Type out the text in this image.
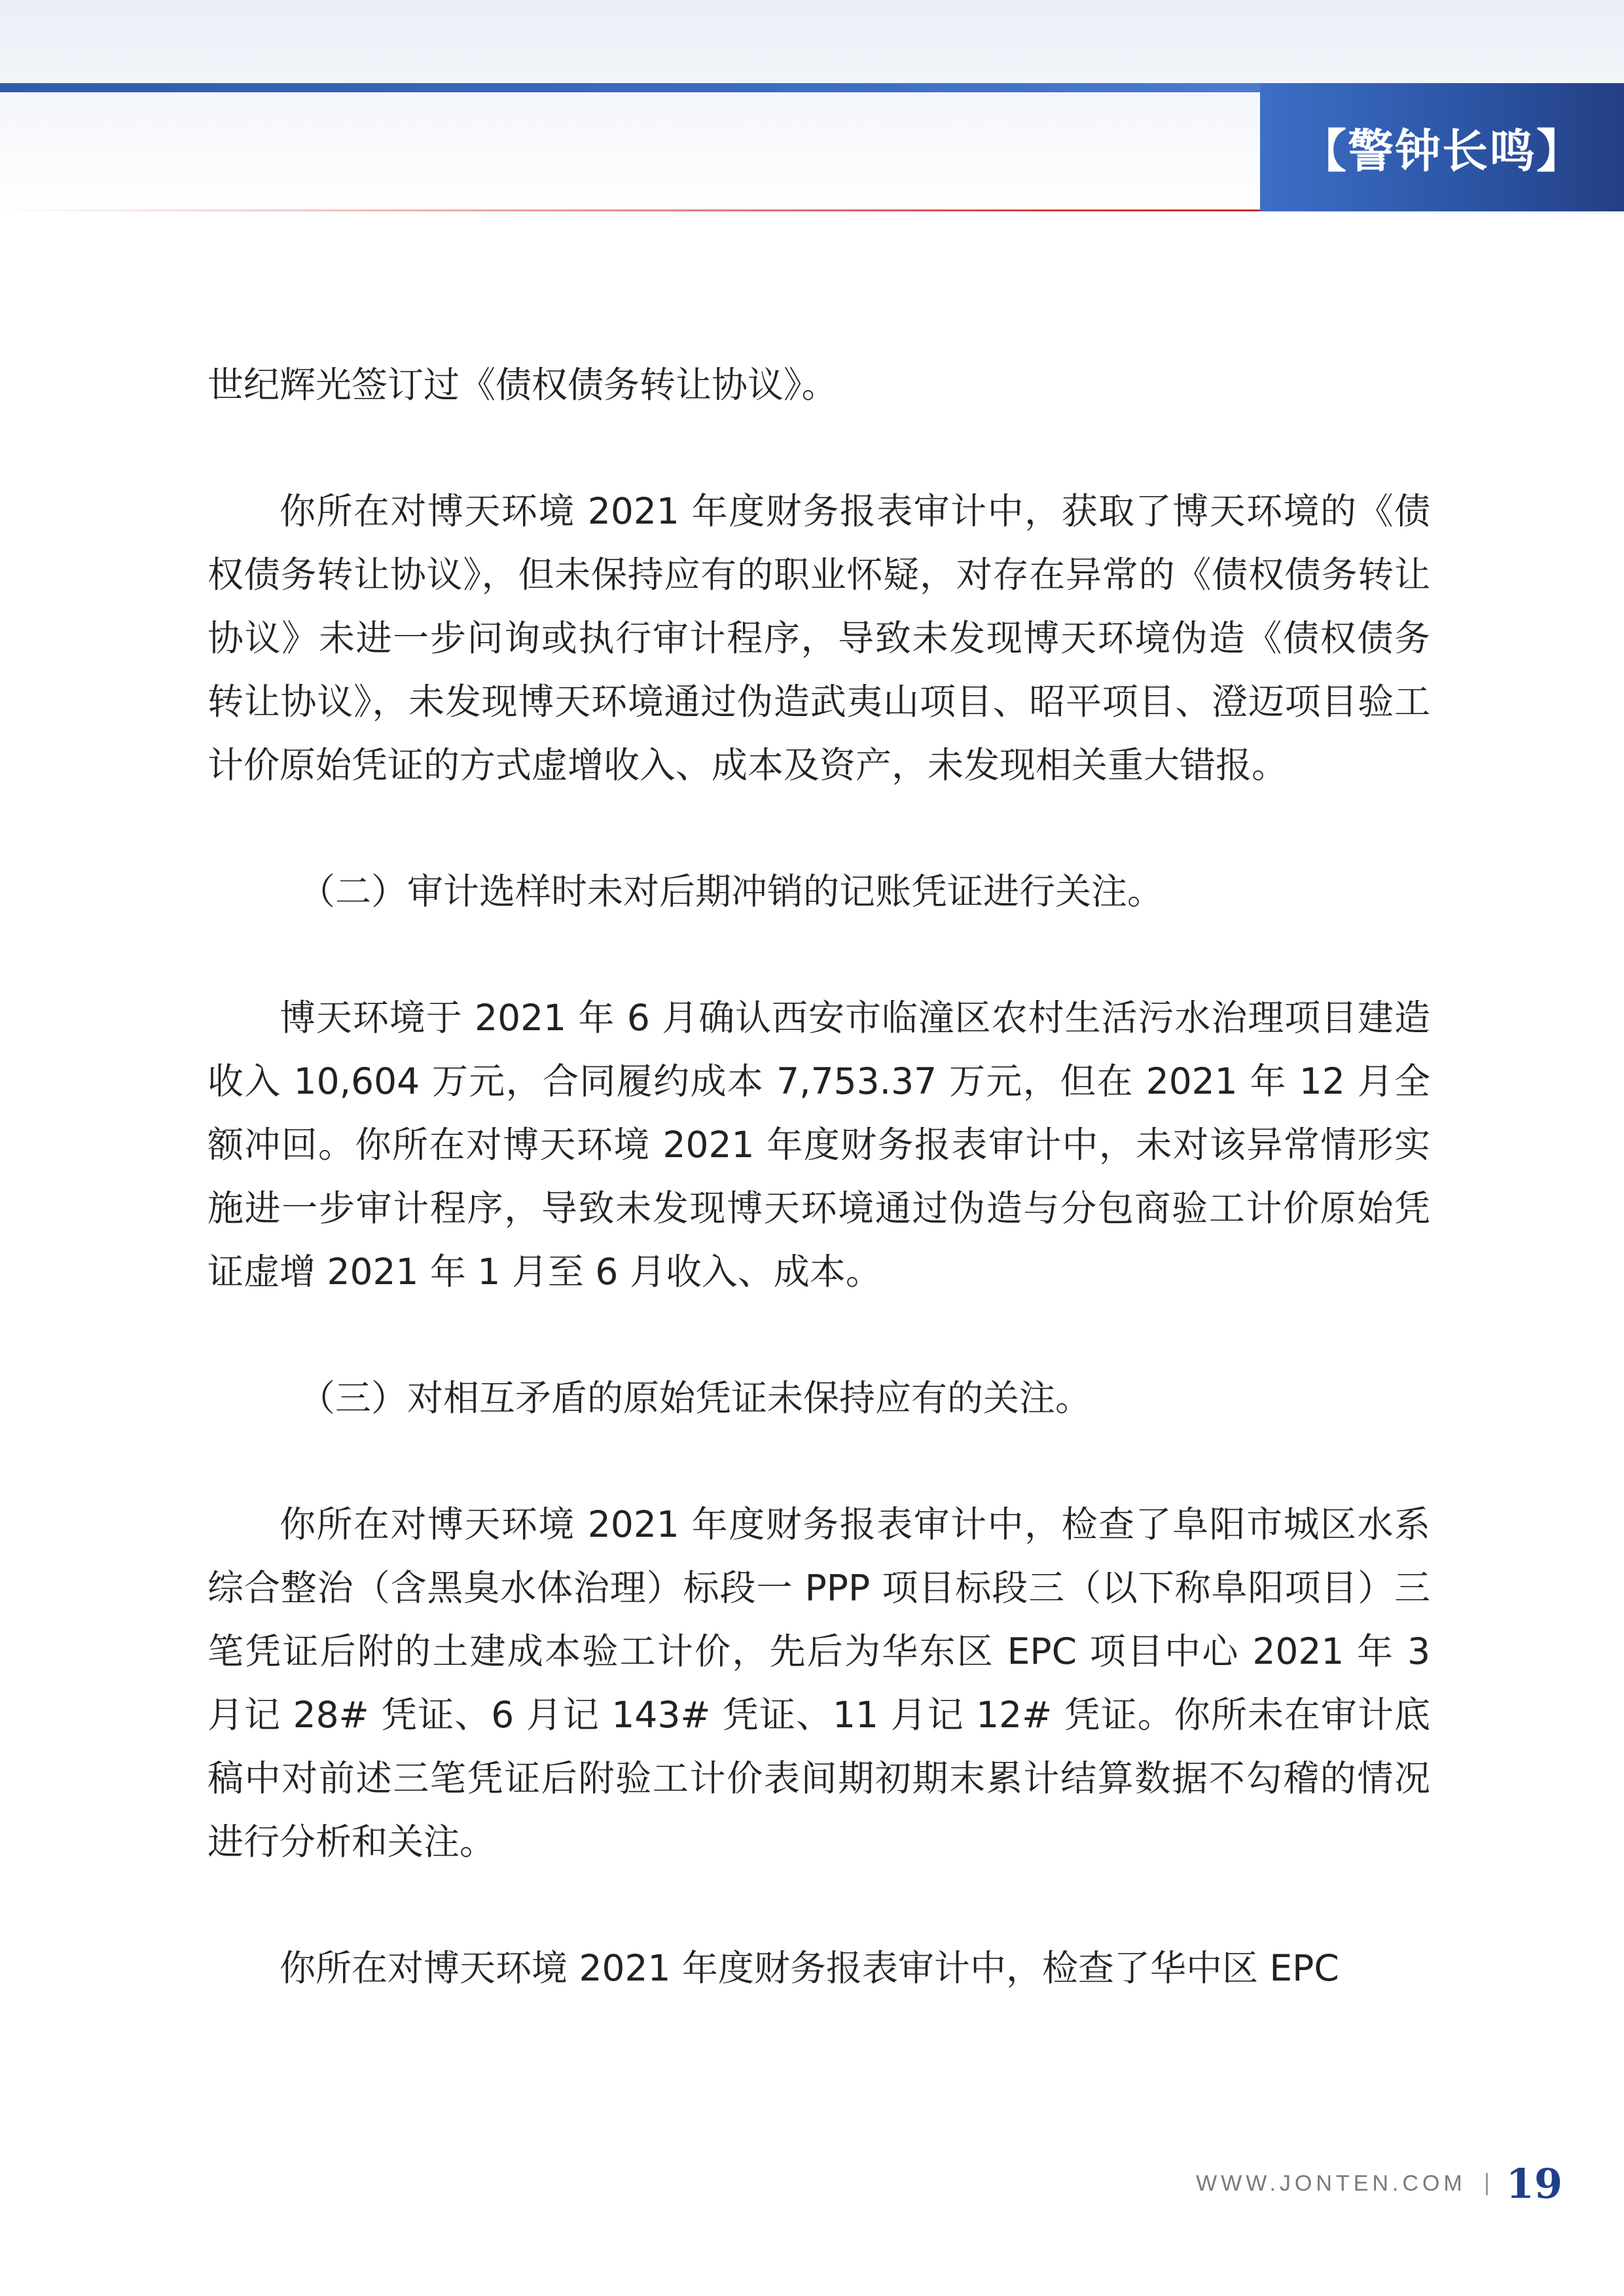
【警钟长鸣】

世纪辉光签订过《债权债务转让协议》。

你所在对博天环境 2021 年度财务报表审计中，获取了博天环境的《债权债务转让协议》，但未保持应有的职业怀疑，对存在异常的《债权债务转让协议》未进一步问询或执行审计程序，导致未发现博天环境伪造《债权债务转让协议》，未发现博天环境通过伪造武夷山项目、昭平项目、澄迈项目验工计价原始凭证的方式虚增收入、成本及资产，未发现相关重大错报。

（二）审计选样时未对后期冲销的记账凭证进行关注。

博天环境于 2021 年 6 月确认西安市临潼区农村生活污水治理项目建造收入 10,604 万元，合同履约成本 7,753.37 万元，但在 2021 年 12 月全额冲回。你所在对博天环境 2021 年度财务报表审计中，未对该异常情形实施进一步审计程序，导致未发现博天环境通过伪造与分包商验工计价原始凭证虚增 2021 年 1 月至 6 月收入、成本。

（三）对相互矛盾的原始凭证未保持应有的关注。

你所在对博天环境 2021 年度财务报表审计中，检查了阜阳市城区水系综合整治（含黑臭水体治理）标段一 PPP 项目标段三（以下称阜阳项目）三笔凭证后附的土建成本验工计价，先后为华东区 EPC 项目中心 2021 年 3 月记 28# 凭证、6 月记 143# 凭证、11 月记 12# 凭证。你所未在审计底稿中对前述三笔凭证后附验工计价表间期初期末累计结算数据不勾稽的情况进行分析和关注。

你所在对博天环境 2021 年度财务报表审计中，检查了华中区 EPC

WWW.JONTEN.COM 19
